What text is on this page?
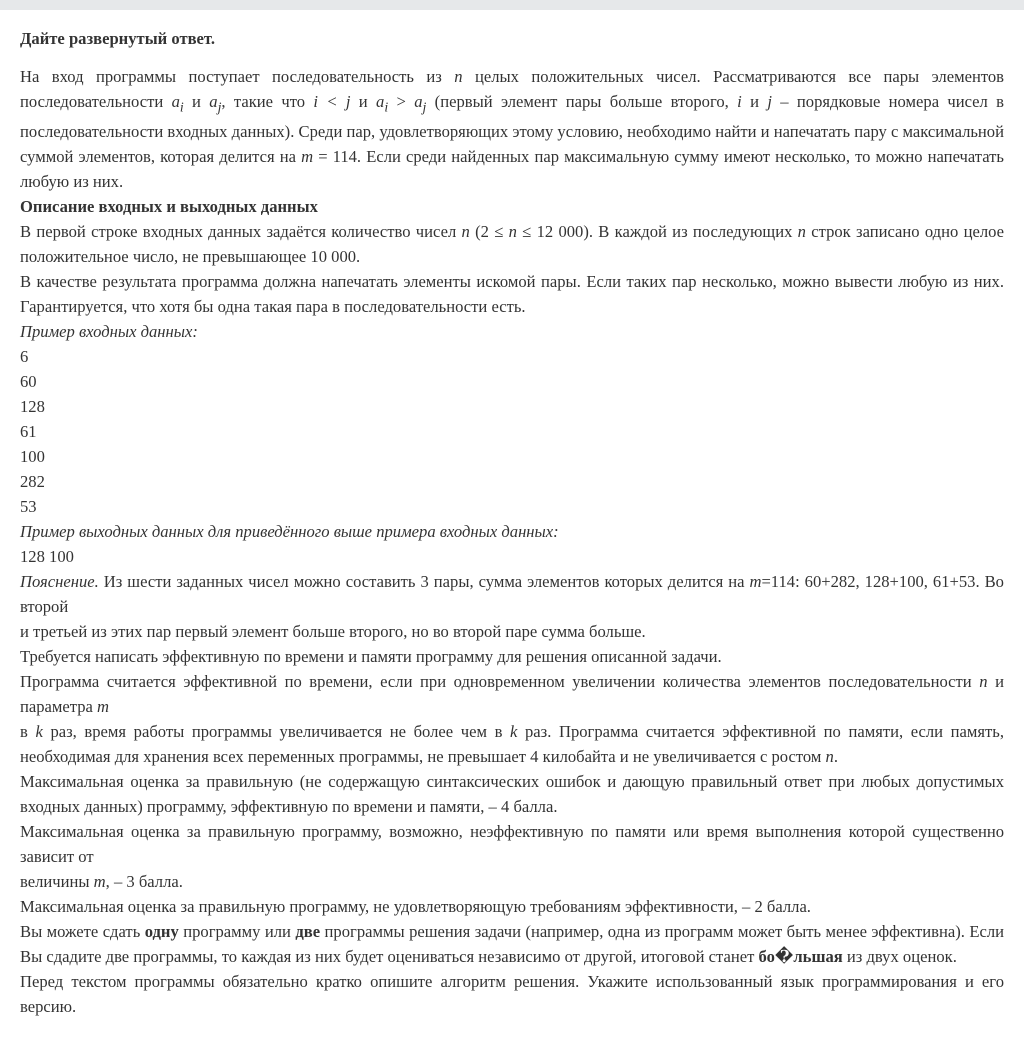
Дайте развернутый ответ.

На вход программы поступает последовательность из n целых положительных чисел. Рассматриваются все пары элементов последовательности $a_i$ и $a_j$, такие что i < j и $a_i > a_j$ (первый элемент пары больше второго, i и j – порядковые номера чисел в последовательности входных данных). Среди пар, удовлетворяющих этому условию, необходимо найти и напечатать пару с максимальной суммой элементов, которая делится на m = 114. Если среди найденных пар максимальную сумму имеют несколько, то можно напечатать любую из них.

Описание входных и выходных данных

В первой строке входных данных задаётся количество чисел n (2 ≤ n ≤ 12 000). В каждой из последующих n строк записано одно целое положительное число, не превышающее 10 000.

В качестве результата программа должна напечатать элементы искомой пары. Если таких пар несколько, можно вывести любую из них. Гарантируется, что хотя бы одна такая пара в последовательности есть.

Пример входных данных:

6

60

128

61

100

282

53

Пример выходных данных для приведённого выше примера входных данных:

128 100

Пояснение. Из шести заданных чисел можно составить 3 пары, сумма элементов которых делится на m=114: 60+282, 128+100, 61+53. Во второй

и третьей из этих пар первый элемент больше второго, но во второй паре сумма больше.

Требуется написать эффективную по времени и памяти программу для решения описанной задачи.

Программа считается эффективной по времени, если при одновременном увеличении количества элементов последовательности n и параметра m

в k раз, время работы программы увеличивается не более чем в k раз. Программа считается эффективной по памяти, если память, необходимая для хранения всех переменных программы, не превышает 4 килобайта и не увеличивается с ростом n.

Максимальная оценка за правильную (не содержащую синтаксических ошибок и дающую правильный ответ при любых допустимых входных данных) программу, эффективную по времени и памяти, – 4 балла.

Максимальная оценка за правильную программу, возможно, неэффективную по памяти или время выполнения которой существенно зависит от

величины m, – 3 балла.

Максимальная оценка за правильную программу, не удовлетворяющую требованиям эффективности, – 2 балла.

Вы можете сдать одну программу или две программы решения задачи (например, одна из программ может быть менее эффективна). Если Вы сдадите две программы, то каждая из них будет оцениваться независимо от другой, итоговой станет бо�льшая из двух оценок.

Перед текстом программы обязательно кратко опишите алгоритм решения. Укажите использованный язык программирования и его версию.
